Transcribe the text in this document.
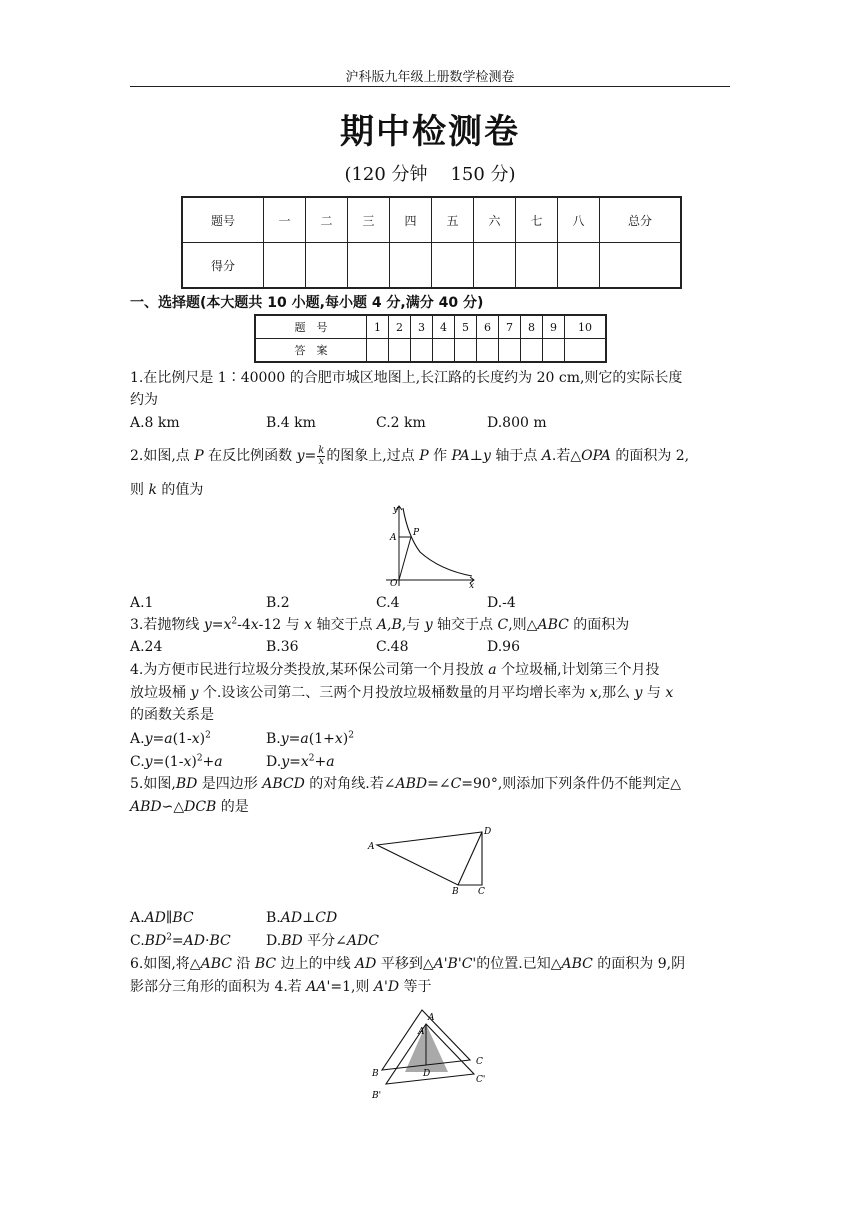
沪科版九年级上册数学检测卷
期中检测卷
(120 分钟    150 分)
题号	一	二	三	四	五	六	七	八	总分
得分									
一、选择题(本大题共 10 小题,每小题 4 分,满分 40 分)
题　号	1	2	3	4	5	6	7	8	9	10
答　案										
1.在比例尺是 1∶40000 的合肥市城区地图上,长江路的长度约为 20 cm,则它的实际长度
约为
A.8 km	B.4 km	C.2 km	D.800 m
2.如图,点 P 在反比例函数 $y= \frac{k}{x}$ 的图象上,过点 P 作 PA⊥y 轴于点 A.若△OPA 的面积为 2,
则 k 的值为
y
A P
O	x
A.1	B.2	C.4	D.-4
3.若抛物线 $y=x^2-4x-12$ 与 x 轴交于点 A,B,与 y 轴交于点 C,则△ABC 的面积为
A.24	B.36	C.48	D.96
4.为方便市民进行垃圾分类投放,某环保公司第一个月投放 a 个垃圾桶,计划第三个月投
放垃圾桶 y 个.设该公司第二、三两个月投放垃圾桶数量的月平均增长率为 x,那么 y 与 x
的函数关系是
$A.y=a(1-x)^2$	$B.y=a(1+x)^2$
$C.y=(1-x)^2+a$	$D.y=x^2+a$
5.如图,BD 是四边形 ABCD 的对角线.若∠ABD=∠C=90°,则添加下列条件仍不能判定△
ABD∽△DCB 的是
A
D
B C
A.AD∥BC	B.AD⊥CD
$C.BD^2=AD\cdot BC$	D.BD 平分∠ADC
6.如图,将△ABC 沿 BC 边上的中线 AD 平移到△A'B'C'的位置.已知△ABC 的面积为 9,阴
影部分三角形的面积为 4.若 AA'=1,则 A'D 等于
A
A'
B
B'
C
C'
D
